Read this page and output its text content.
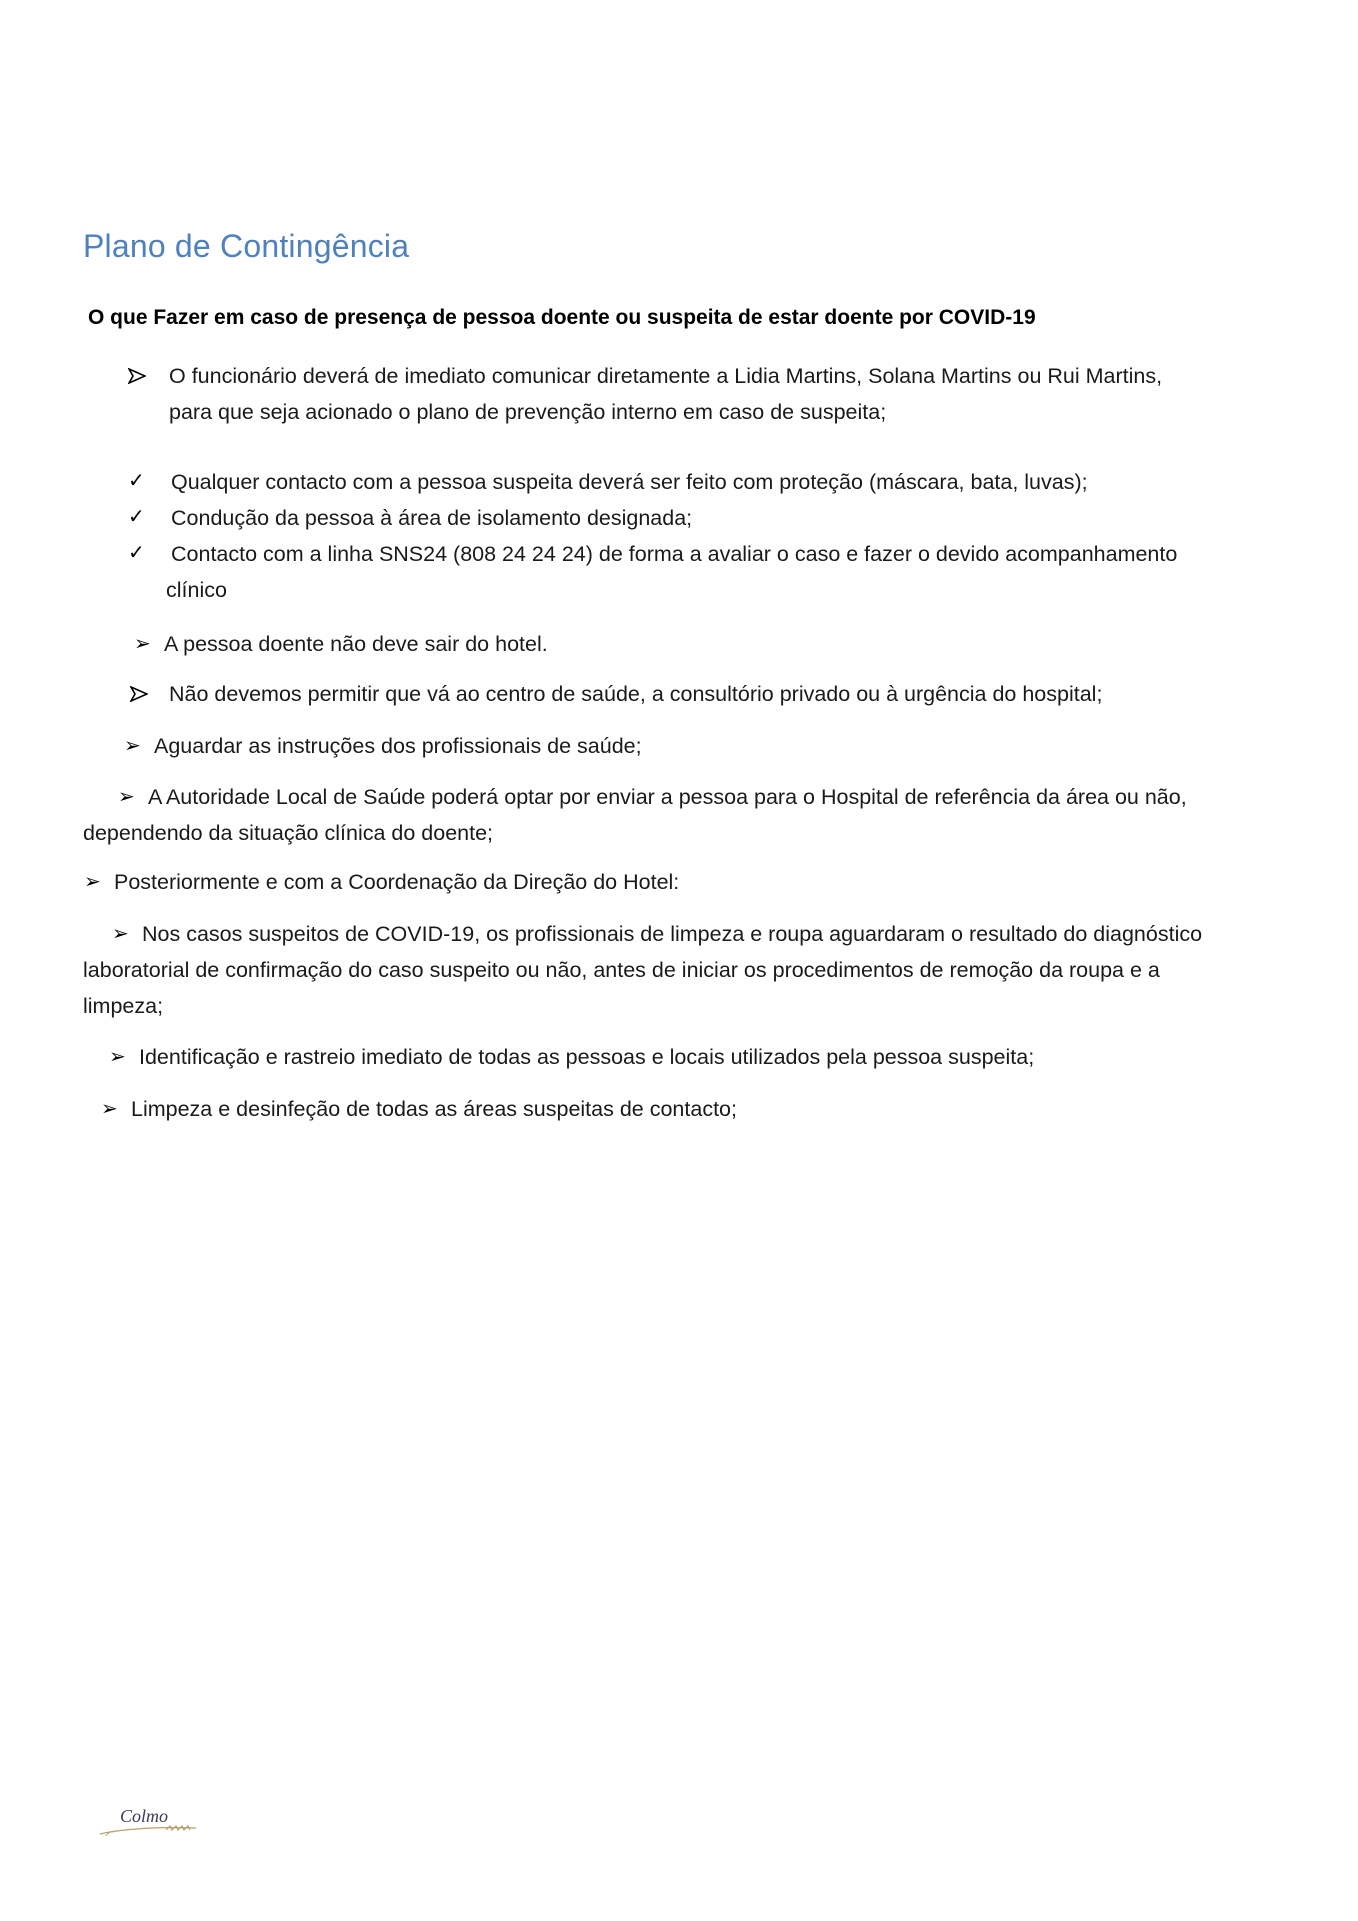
Plano de Contingência
O que Fazer em caso de presença de pessoa doente ou suspeita de estar doente por COVID-19
O funcionário deverá de imediato comunicar diretamente a Lidia Martins, Solana Martins ou Rui Martins,
para que seja acionado o plano de prevenção interno em caso de suspeita;
✓ Qualquer contacto com a pessoa suspeita deverá ser feito com proteção (máscara, bata, luvas);
✓ Condução da pessoa à área de isolamento designada;
✓ Contacto com a linha SNS24 (808 24 24 24) de forma a avaliar o caso e fazer o devido acompanhamento
clínico
➢ A pessoa doente não deve sair do hotel.
Não devemos permitir que vá ao centro de saúde, a consultório privado ou à urgência do hospital;
➢ Aguardar as instruções dos profissionais de saúde;
➢ A Autoridade Local de Saúde poderá optar por enviar a pessoa para o Hospital de referência da área ou não,
dependendo da situação clínica do doente;
➢ Posteriormente e com a Coordenação da Direção do Hotel:
➢ Nos casos suspeitos de COVID-19, os profissionais de limpeza e roupa aguardaram o resultado do diagnóstico
laboratorial de confirmação do caso suspeito ou não, antes de iniciar os procedimentos de remoção da roupa e a
limpeza;
➢ Identificação e rastreio imediato de todas as pessoas e locais utilizados pela pessoa suspeita;
➢ Limpeza e desinfeção de todas as áreas suspeitas de contacto;
Colmo
